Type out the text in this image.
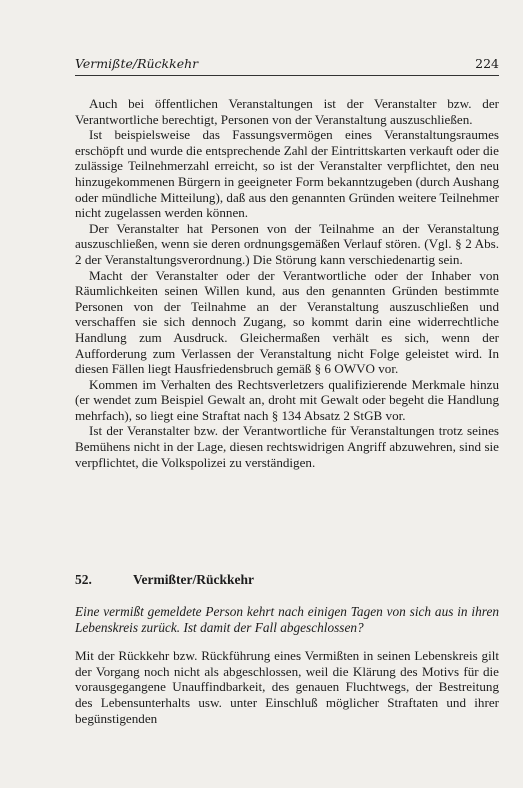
Vermißte/Rückkehr	224

Auch bei öffentlichen Veranstaltungen ist der Veranstalter bzw. der Verantwortliche berechtigt, Personen von der Veranstaltung auszuschließen.

Ist beispielsweise das Fassungsvermögen eines Veranstaltungsraumes erschöpft und wurde die entsprechende Zahl der Eintrittskarten verkauft oder die zulässige Teilnehmerzahl erreicht, so ist der Veranstalter verpflichtet, den neu hinzugekommenen Bürgern in geeigneter Form bekanntzugeben (durch Aushang oder mündliche Mitteilung), daß aus den genannten Gründen weitere Teilnehmer nicht zugelassen werden können.

Der Veranstalter hat Personen von der Teilnahme an der Veranstaltung auszuschließen, wenn sie deren ordnungsgemäßen Verlauf stören. (Vgl. § 2 Abs. 2 der Veranstaltungsverordnung.) Die Störung kann verschiedenartig sein.

Macht der Veranstalter oder der Verantwortliche oder der Inhaber von Räumlichkeiten seinen Willen kund, aus den genannten Gründen bestimmte Personen von der Teilnahme an der Veranstaltung auszuschließen und verschaffen sie sich dennoch Zugang, so kommt darin eine widerrechtliche Handlung zum Ausdruck. Gleichermaßen verhält es sich, wenn der Aufforderung zum Verlassen der Veranstaltung nicht Folge geleistet wird. In diesen Fällen liegt Hausfriedensbruch gemäß § 6 OWVO vor.

Kommen im Verhalten des Rechtsverletzers qualifizierende Merkmale hinzu (er wendet zum Beispiel Gewalt an, droht mit Gewalt oder begeht die Handlung mehrfach), so liegt eine Straftat nach § 134 Absatz 2 StGB vor.

Ist der Veranstalter bzw. der Verantwortliche für Veranstaltungen trotz seines Bemühens nicht in der Lage, diesen rechtswidrigen Angriff abzuwehren, sind sie verpflichtet, die Volkspolizei zu verständigen.

52.	Vermißter/Rückkehr

Eine vermißt gemeldete Person kehrt nach einigen Tagen von sich aus in ihren Lebenskreis zurück. Ist damit der Fall abgeschlossen?

Mit der Rückkehr bzw. Rückführung eines Vermißten in seinen Lebenskreis gilt der Vorgang noch nicht als abgeschlossen, weil die Klärung des Motivs für die vorausgegangene Unauffindbarkeit, des genauen Fluchtwegs, der Bestreitung des Lebensunterhalts usw. unter Einschluß möglicher Straftaten und ihrer begünstigenden
